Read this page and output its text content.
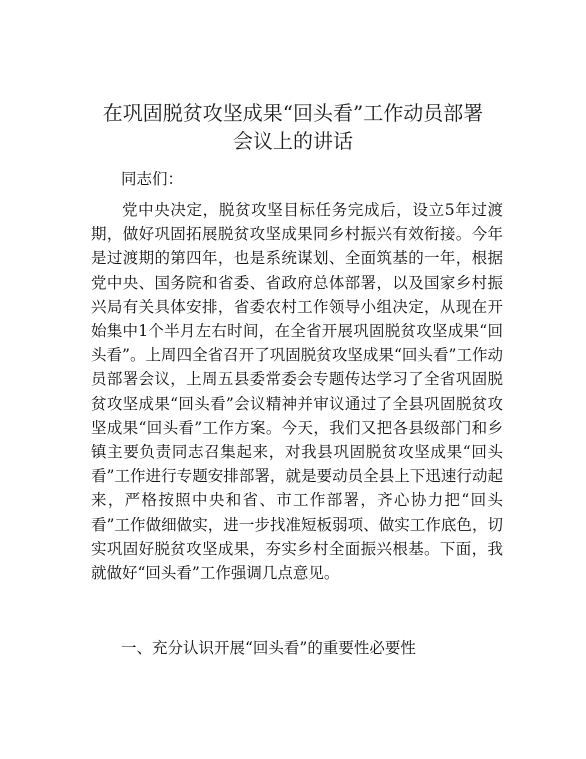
在巩固脱贫攻坚成果“回头看”工作动员部署
会议上的讲话

同志们：

党中央决定，脱贫攻坚目标任务完成后，设立5年过渡期，做好巩固拓展脱贫攻坚成果同乡村振兴有效衔接。今年是过渡期的第四年，也是系统谋划、全面筑基的一年，根据党中央、国务院和省委、省政府总体部署，以及国家乡村振兴局有关具体安排，省委农村工作领导小组决定，从现在开始集中1个半月左右时间，在全省开展巩固脱贫攻坚成果“回头看”。上周四全省召开了巩固脱贫攻坚成果“回头看”工作动员部署会议，上周五县委常委会专题传达学习了全省巩固脱贫攻坚成果“回头看”会议精神并审议通过了全县巩固脱贫攻坚成果“回头看”工作方案。今天，我们又把各县级部门和乡镇主要负责同志召集起来，对我县巩固脱贫攻坚成果“回头看”工作进行专题安排部署，就是要动员全县上下迅速行动起来，严格按照中央和省、市工作部署，齐心协力把“回头看”工作做细做实，进一步找准短板弱项、做实工作底色，切实巩固好脱贫攻坚成果，夯实乡村全面振兴根基。下面，我就做好“回头看”工作强调几点意见。

一、充分认识开展“回头看”的重要性必要性
